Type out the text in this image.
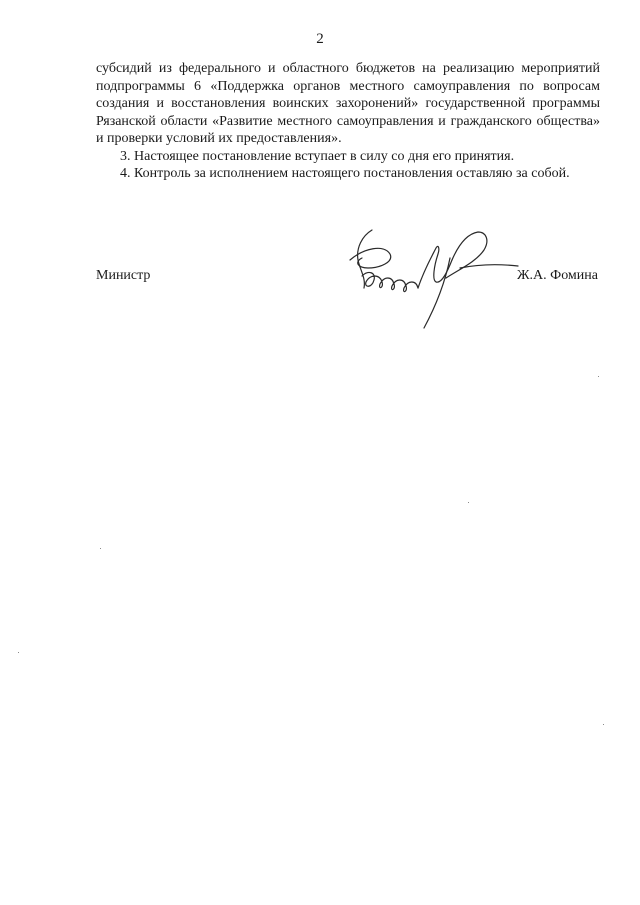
2

субсидий из федерального и областного бюджетов на реализацию мероприятий подпрограммы 6 «Поддержка органов местного самоуправления по вопросам создания и восстановления воинских захоронений» государственной программы Рязанской области «Развитие местного самоуправления и гражданского общества» и проверки условий их предоставления».

3. Настоящее постановление вступает в силу со дня его принятия.

4. Контроль за исполнением настоящего постановления оставляю за собой.

Министр	Ж.А. Фомина
